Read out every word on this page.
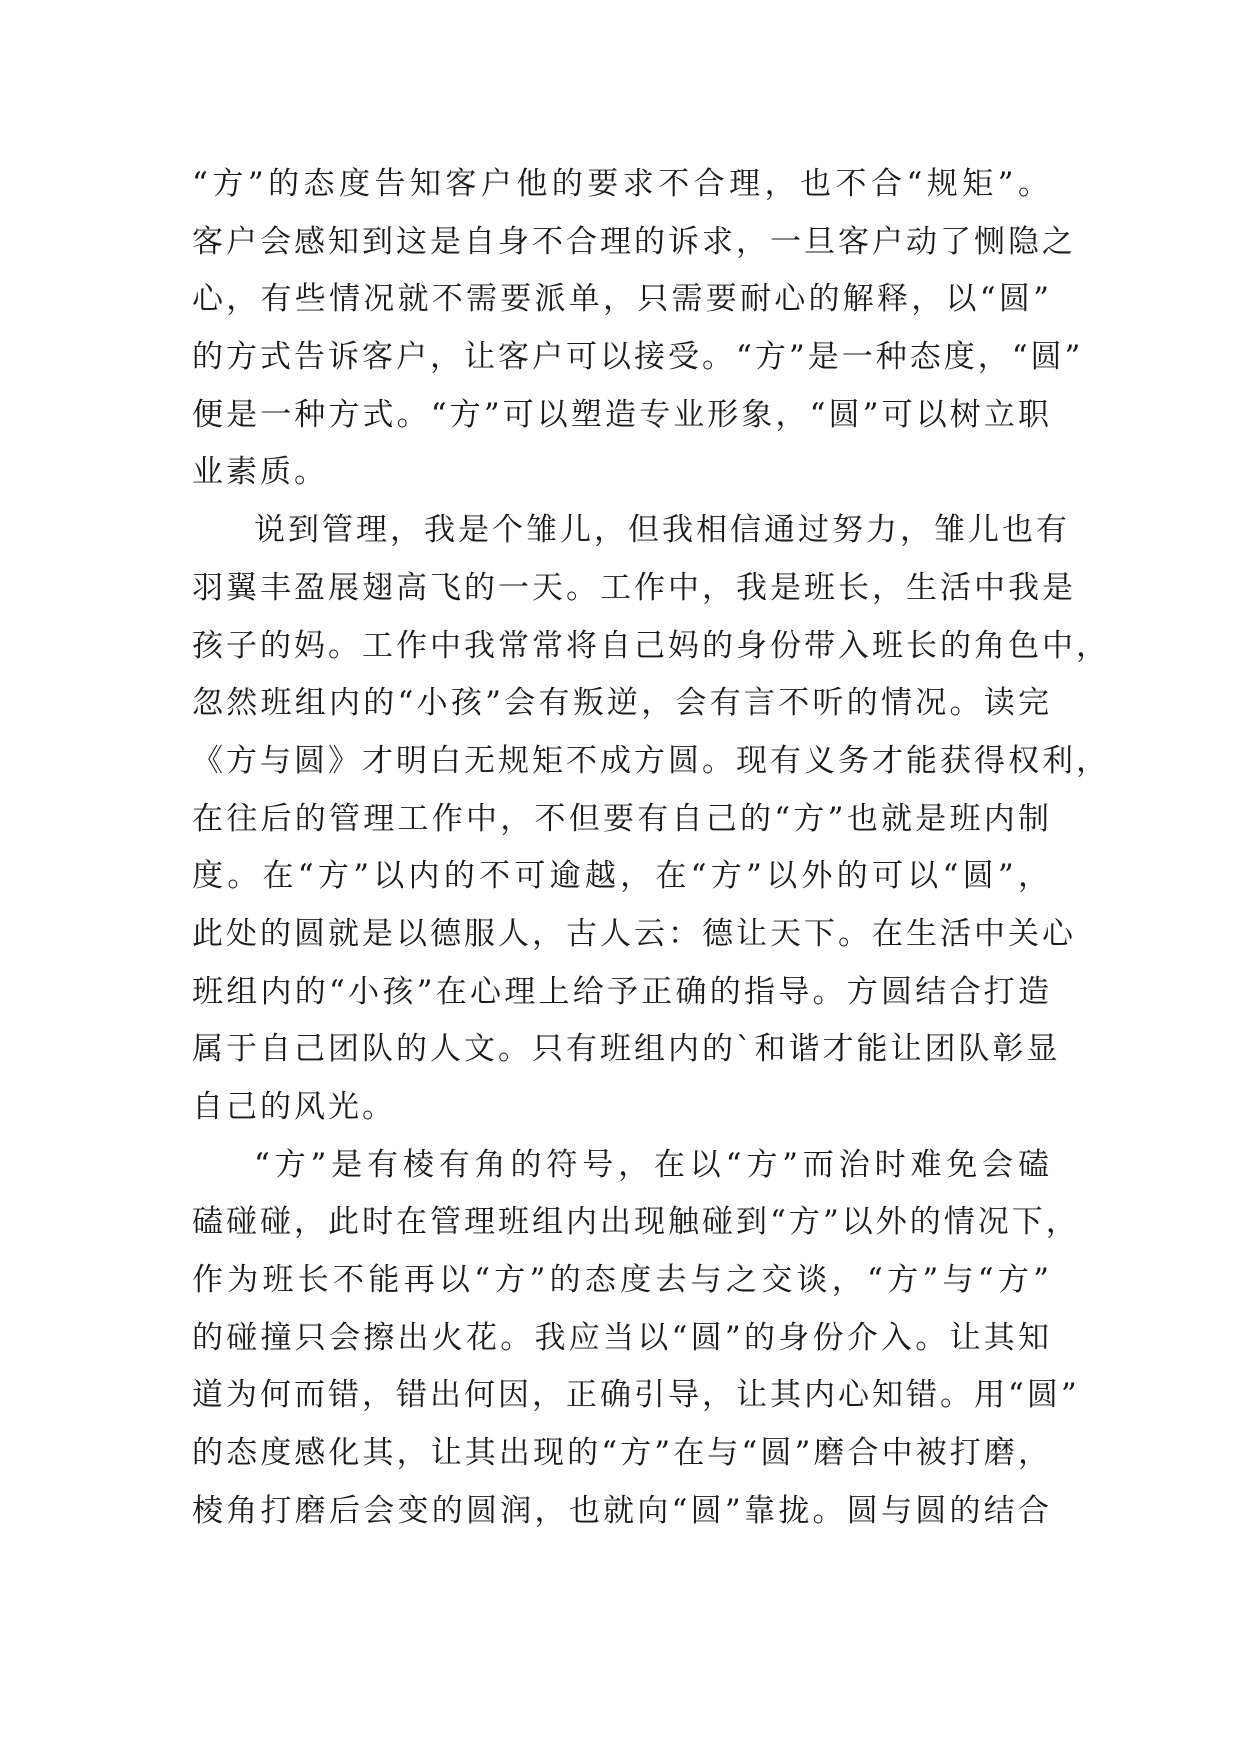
“方”的态度告知客户他的要求不合理，也不合“规矩”。
客户会感知到这是自身不合理的诉求，一旦客户动了恻隐之
心，有些情况就不需要派单，只需要耐心的解释，以“圆”
的方式告诉客户，让客户可以接受。“方”是一种态度，“圆”
便是一种方式。“方”可以塑造专业形象，“圆”可以树立职
业素质。
说到管理，我是个雏儿，但我相信通过努力，雏儿也有
羽翼丰盈展翅高飞的一天。工作中，我是班长，生活中我是
孩子的妈。工作中我常常将自己妈的身份带入班长的角色中，
忽然班组内的“小孩”会有叛逆，会有言不听的情况。读完
《方与圆》才明白无规矩不成方圆。现有义务才能获得权利，
在往后的管理工作中，不但要有自己的“方”也就是班内制
度。在“方”以内的不可逾越，在“方”以外的可以“圆”，
此处的圆就是以德服人，古人云：德让天下。在生活中关心
班组内的“小孩”在心理上给予正确的指导。方圆结合打造
属于自己团队的人文。只有班组内的`和谐才能让团队彰显
自己的风光。
“方”是有棱有角的符号，在以“方”而治时难免会磕
磕碰碰，此时在管理班组内出现触碰到“方”以外的情况下，
作为班长不能再以“方”的态度去与之交谈，“方”与“方”
的碰撞只会擦出火花。我应当以“圆”的身份介入。让其知
道为何而错，错出何因，正确引导，让其内心知错。用“圆”
的态度感化其，让其出现的“方”在与“圆”磨合中被打磨，
棱角打磨后会变的圆润，也就向“圆”靠拢。圆与圆的结合
